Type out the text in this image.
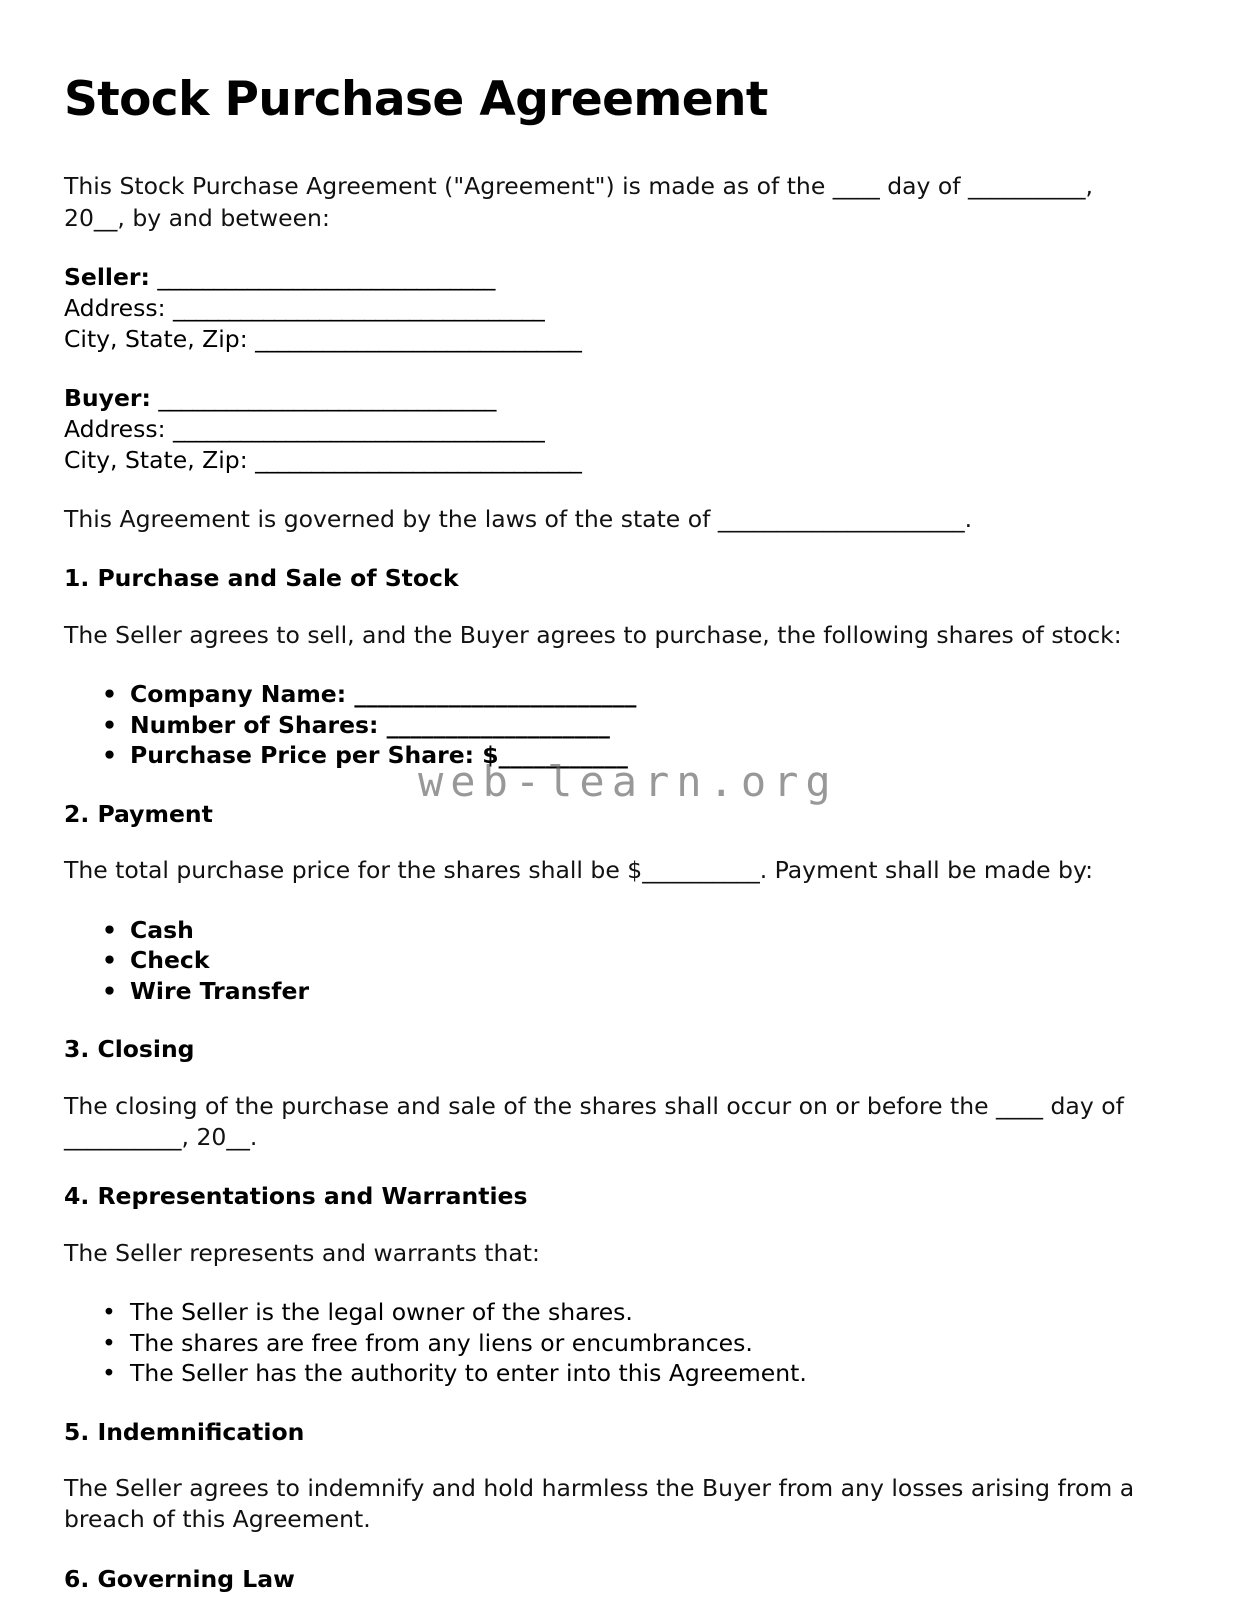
Stock Purchase Agreement

This Stock Purchase Agreement ("Agreement") is made as of the ____ day of __________, 20__, by and between:

Seller: ______________________________
Address: _________________________________
City, State, Zip: _____________________________
Buyer: ______________________________
Address: _________________________________
City, State, Zip: _____________________________

This Agreement is governed by the laws of the state of _____________________.

1. Purchase and Sale of Stock

The Seller agrees to sell, and the Buyer agrees to purchase, the following shares of stock:

• Company Name: ________________________
• Number of Shares: ___________________
• Purchase Price per Share: $___________
2. Payment

The total purchase price for the shares shall be $__________. Payment shall be made by:

• Cash
• Check
• Wire Transfer
3. Closing

The closing of the purchase and sale of the shares shall occur on or before the ____ day of __________, 20__.

4. Representations and Warranties

The Seller represents and warrants that:

• The Seller is the legal owner of the shares.
• The shares are free from any liens or encumbrances.
• The Seller has the authority to enter into this Agreement.
5. Indemnification

The Seller agrees to indemnify and hold harmless the Buyer from any losses arising from a breach of this Agreement.

6. Governing Law
web-learn.org
